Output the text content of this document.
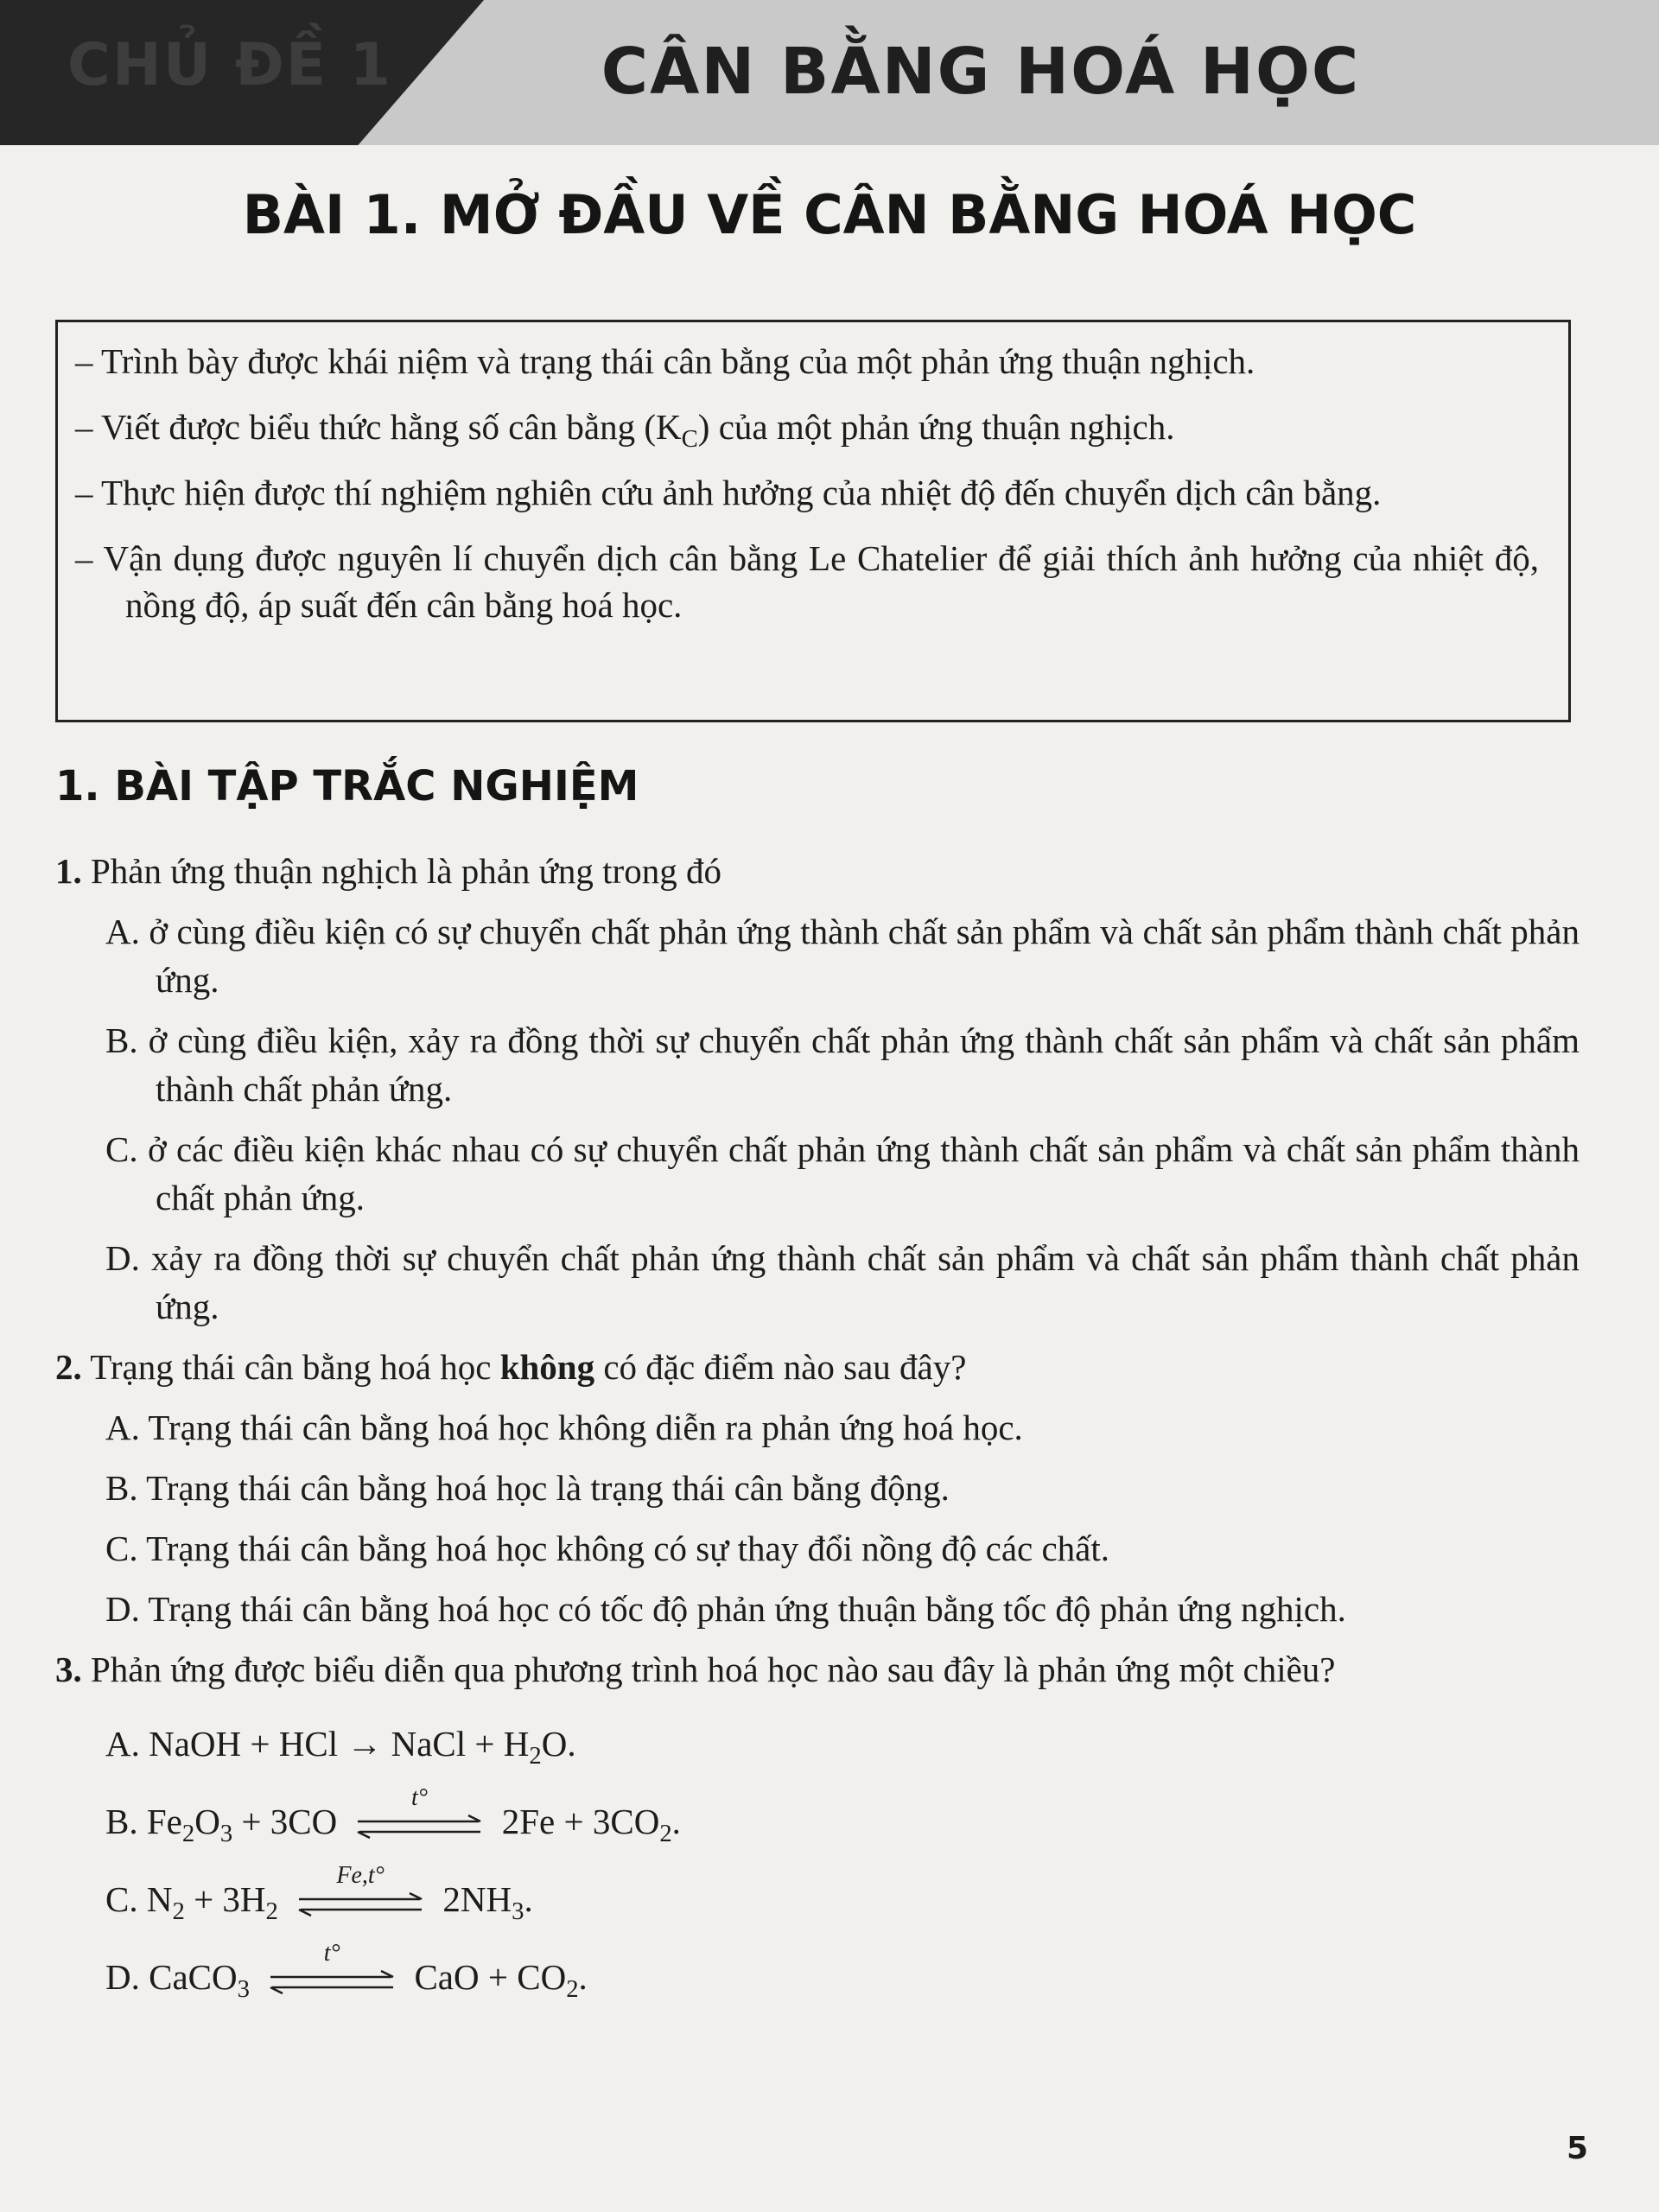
CHỦ ĐỀ 1	CÂN BẰNG HOÁ HỌC
BÀI 1. MỞ ĐẦU VỀ CÂN BẰNG HOÁ HỌC
– Trình bày được khái niệm và trạng thái cân bằng của một phản ứng thuận nghịch.
– Viết được biểu thức hằng số cân bằng $(K_C)$ của một phản ứng thuận nghịch.
– Thực hiện được thí nghiệm nghiên cứu ảnh hưởng của nhiệt độ đến chuyển dịch cân bằng.
– Vận dụng được nguyên lí chuyển dịch cân bằng Le Chatelier để giải thích ảnh hưởng của nhiệt độ, nồng độ, áp suất đến cân bằng hoá học.
1. BÀI TẬP TRẮC NGHIỆM
1. Phản ứng thuận nghịch là phản ứng trong đó
A. ở cùng điều kiện có sự chuyển chất phản ứng thành chất sản phẩm và chất sản phẩm thành chất phản ứng.
B. ở cùng điều kiện, xảy ra đồng thời sự chuyển chất phản ứng thành chất sản phẩm và chất sản phẩm thành chất phản ứng.
C. ở các điều kiện khác nhau có sự chuyển chất phản ứng thành chất sản phẩm và chất sản phẩm thành chất phản ứng.
D. xảy ra đồng thời sự chuyển chất phản ứng thành chất sản phẩm và chất sản phẩm thành chất phản ứng.
2. Trạng thái cân bằng hoá học không có đặc điểm nào sau đây?
A. Trạng thái cân bằng hoá học không diễn ra phản ứng hoá học.
B. Trạng thái cân bằng hoá học là trạng thái cân bằng động.
C. Trạng thái cân bằng hoá học không có sự thay đổi nồng độ các chất.
D. Trạng thái cân bằng hoá học có tốc độ phản ứng thuận bằng tốc độ phản ứng nghịch.
3. Phản ứng được biểu diễn qua phương trình hoá học nào sau đây là phản ứng một chiều?
A. NaOH + HCl → NaCl + $H_2O$.
B. $Fe_2O_3 + 3CO$
t°
$2Fe + 3CO_2$.
C. $N_2 + 3H_2$
Fe,t°
$2NH_3$.
D. CaCO$_3$
t°
CaO + $CO_2$.
5
